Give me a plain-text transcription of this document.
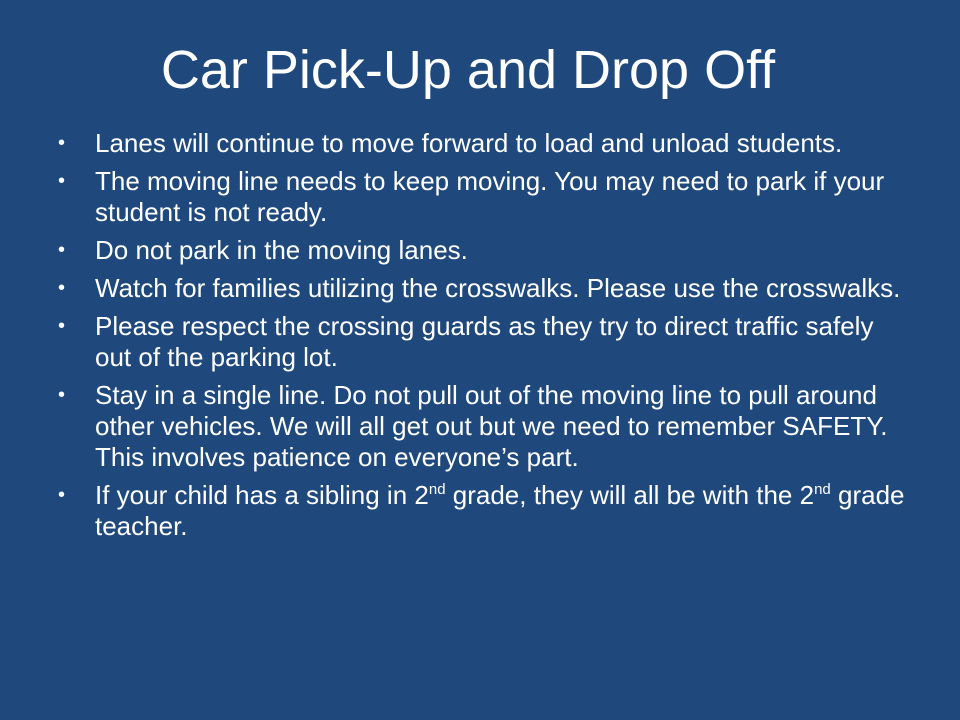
Car Pick-Up and Drop Off
• Lanes will continue to move forward to load and unload students.
• The moving line needs to keep moving. You may need to park if your student is not ready.
• Do not park in the moving lanes.
• Watch for families utilizing the crosswalks. Please use the crosswalks.
• Please respect the crossing guards as they try to direct traffic safely out of the parking lot.
• Stay in a single line. Do not pull out of the moving line to pull around other vehicles. We will all get out but we need to remember SAFETY. This involves patience on everyone’s part.
• If your child has a sibling in 2nd grade, they will all be with the 2nd grade teacher.
